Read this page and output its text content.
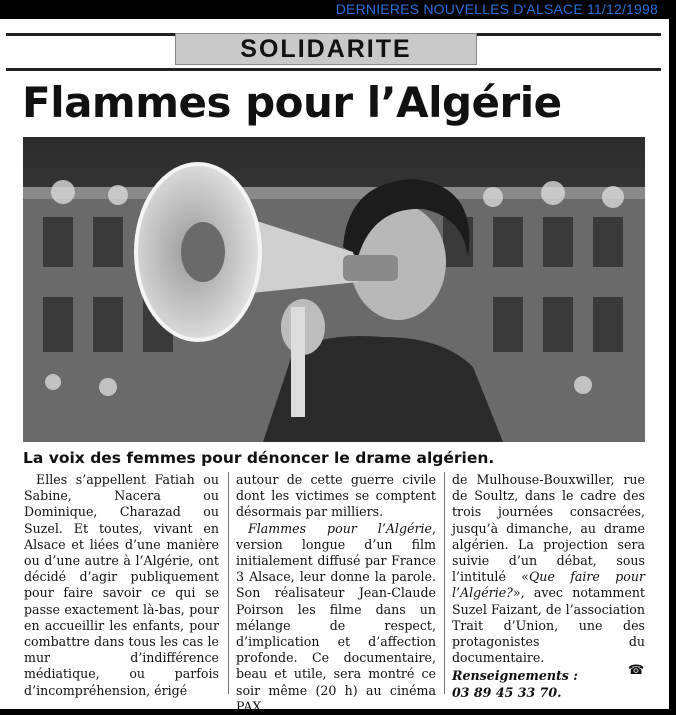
DERNIERES NOUVELLES D'ALSACE 11/12/1998
SOLIDARITE
Flammes pour l’Algérie
La voix des femmes pour dénoncer le drame algérien.

Elles s’appellent Fatiah ou Sabine, Nacera ou Dominique, Charazad ou Suzel. Et toutes, vivant en Alsace et liées d’une manière ou d’une autre à l’Algérie, ont décidé d’agir publiquement pour faire savoir ce qui se passe exactement là-bas, pour en accueillir les enfants, pour combattre dans tous les cas le mur d’indifférence médiatique, ou parfois d’incompréhension, érigé

autour de cette guerre civile dont les victimes se comptent désormais par milliers.

Flammes pour l’Algérie, version longue d’un film initialement diffusé par France 3 Alsace, leur donne la parole. Son réalisateur Jean-Claude Poirson les filme dans un mélange de respect, d’implication et d’affection profonde. Ce documentaire, beau et utile, sera montré ce soir même (20 h) au cinéma PAX

de Mulhouse-Bouxwiller, rue de Soultz, dans le cadre des trois journées consacrées, jusqu’à dimanche, au drame algérien. La projection sera suivie d’un débat, sous l’intitulé «Que faire pour l’Algérie?», avec notamment Suzel Faizant, de l’association Trait d’Union, une des protagonistes du documentaire.

Renseignements :

03 89 45 33 70.

☎
